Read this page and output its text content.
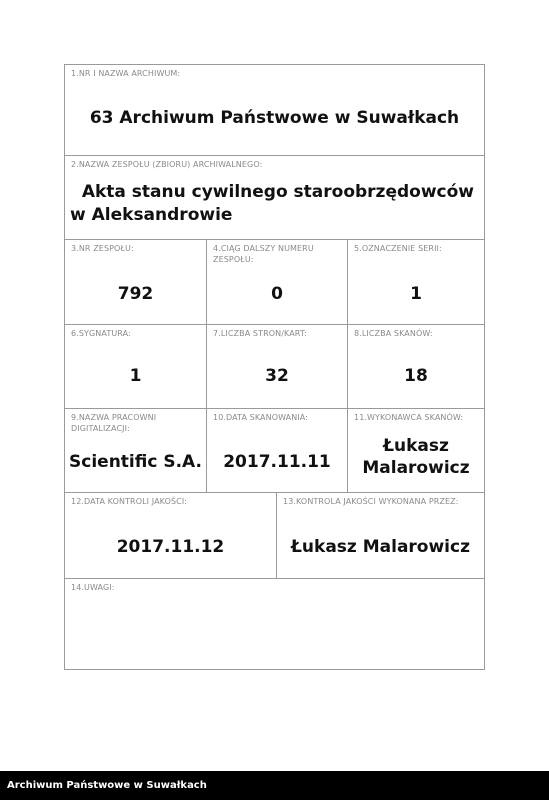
1.NR I NAZWA ARCHIWUM:
63 Archiwum Państwowe w Suwałkach
2.NAZWA ZESPOŁU (ZBIORU) ARCHIWALNEGO:
Akta stanu cywilnego staroobrzędowców
w Aleksandrowie
3.NR ZESPOŁU:
792
4.CIĄG DALSZY NUMERU
ZESPOŁU:
0
5.OZNACZENIE SERII:
1
6.SYGNATURA:
1
7.LICZBA STRON/KART:
32
8.LICZBA SKANÓW:
18
9.NAZWA PRACOWNI
DIGITALIZACJI:
Scientific S.A.
10.DATA SKANOWANIA:
2017.11.11
11.WYKONAWCA SKANÓW:
Łukasz
Malarowicz
12.DATA KONTROLI JAKOŚCI:
2017.11.12
13.KONTROLA JAKOŚCI WYKONANA PRZEZ:
Łukasz Malarowicz
14.UWAGI:
Archiwum Państwowe w Suwałkach
